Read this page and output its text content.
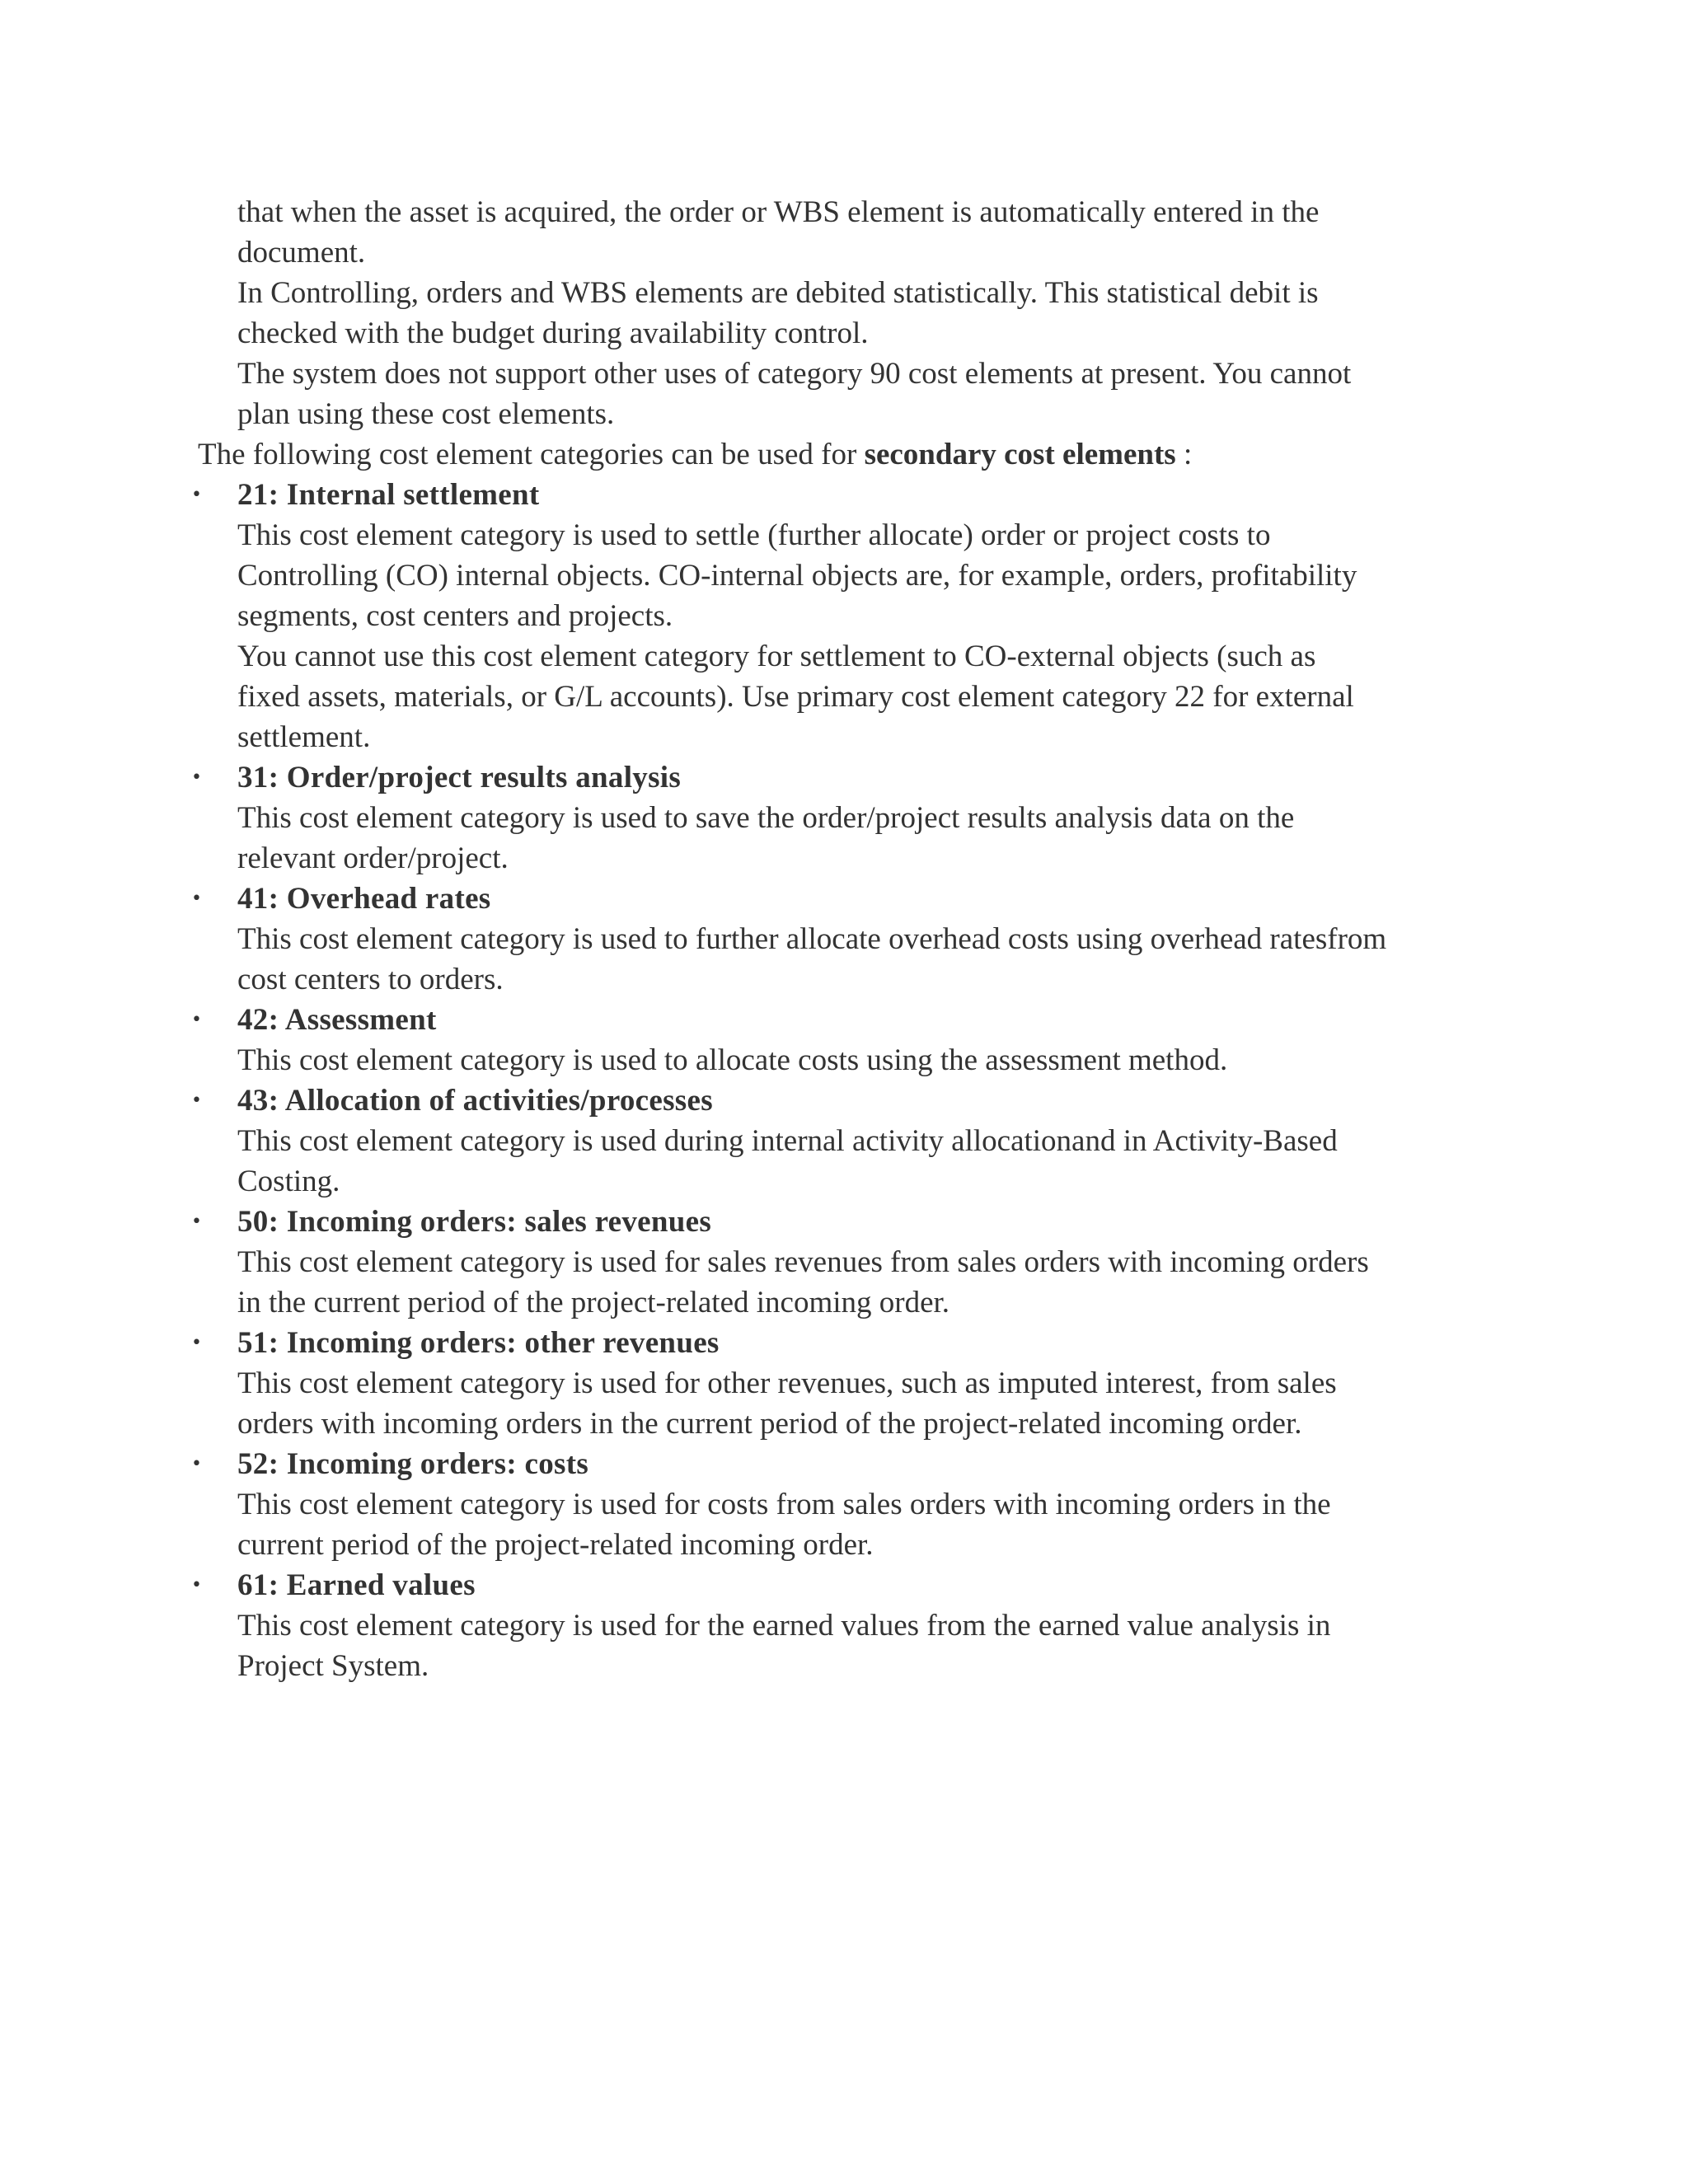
that when the asset is acquired, the order or WBS element is automatically entered in the
document.
In Controlling, orders and WBS elements are debited statistically. This statistical debit is
checked with the budget during availability control.
The system does not support other uses of category 90 cost elements at present. You cannot
plan using these cost elements.
The following cost element categories can be used for secondary cost elements :
• 21: Internal settlement
This cost element category is used to settle (further allocate) order or project costs to
Controlling (CO) internal objects. CO-internal objects are, for example, orders, profitability
segments, cost centers and projects.
You cannot use this cost element category for settlement to CO-external objects (such as
fixed assets, materials, or G/L accounts). Use primary cost element category 22 for external
settlement.
• 31: Order/project results analysis
This cost element category is used to save the order/project results analysis data on the
relevant order/project.
• 41: Overhead rates
This cost element category is used to further allocate overhead costs using overhead ratesfrom
cost centers to orders.
• 42: Assessment
This cost element category is used to allocate costs using the assessment method.
• 43: Allocation of activities/processes
This cost element category is used during internal activity allocationand in Activity-Based
Costing.
• 50: Incoming orders: sales revenues
This cost element category is used for sales revenues from sales orders with incoming orders
in the current period of the project-related incoming order.
• 51: Incoming orders: other revenues
This cost element category is used for other revenues, such as imputed interest, from sales
orders with incoming orders in the current period of the project-related incoming order.
• 52: Incoming orders: costs
This cost element category is used for costs from sales orders with incoming orders in the
current period of the project-related incoming order.
• 61: Earned values
This cost element category is used for the earned values from the earned value analysis in
Project System.
